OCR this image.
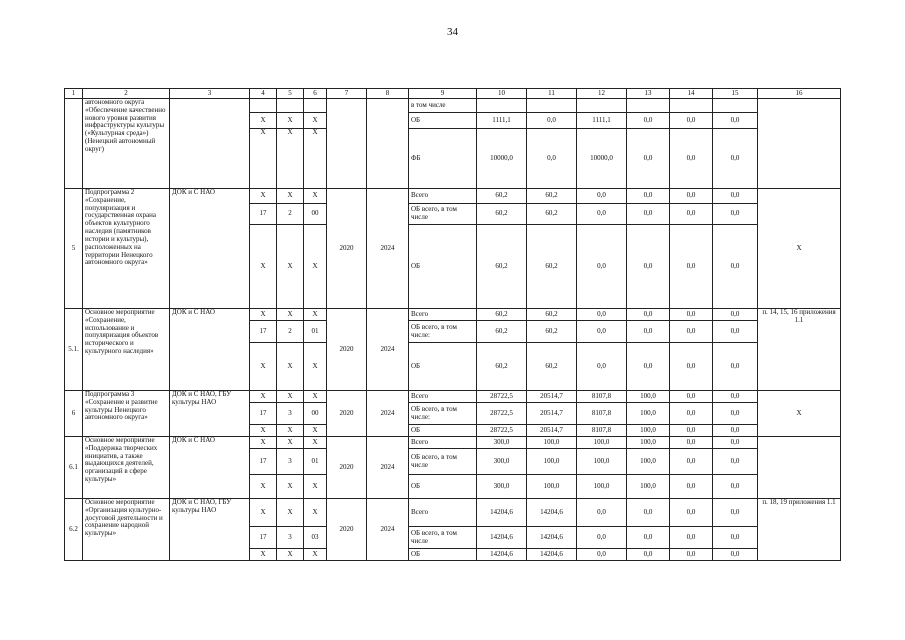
34
1	2	3	4	5	6	7	8	9	10	11	12	13	14	15	16
	автономного округа «Обеспечение качественно нового уровня развития инфраструктуры культуры («Культурная среда») (Ненецкий автономный округ)							в том числе							
			X	X	X			ОБ	1111,1	0,0	1111,1	0,0	0,0	0,0	
			X	X	X			ФБ	10000,0	0,0	10000,0	0,0	0,0	0,0	
5	Подпрограмма 2 «Сохранение, популяризация и государственная охрана объектов культурного наследия (памятников истории и культуры), расположенных на территории Ненецкого автономного округа»	ДОК и С НАО	X	X	X	2020	2024	Всего	60,2	60,2	0,0	0,0	0,0	0,0	X
			17	2	00			ОБ всего, в том числе	60,2	60,2	0,0	0,0	0,0	0,0	
			X	X	X			ОБ	60,2	60,2	0,0	0,0	0,0	0,0	
5.1.	Основное мероприятие «Сохранение, использование и популяризация объектов исторического и культурного наследия»	ДОК и С НАО	X	X	X	2020	2024	Всего	60,2	60,2	0,0	0,0	0,0	0,0	п. 14, 15, 16 приложения 1.1
			17	2	01			ОБ всего, в том числе:	60,2	60,2	0,0	0,0	0,0	0,0	
			X	X	X			ОБ	60,2	60,2	0,0	0,0	0,0	0,0	
6	Подпрограмма 3 «Сохранение и развитие культуры Ненецкого автономного округа»	ДОК и С НАО, ГБУ культуры НАО	X	X	X	2020	2024	Всего	28722,5	20514,7	8107,8	100,0	0,0	0,0	X
			17	3	00			ОБ всего, в том числе:	28722,5	20514,7	8107,8	100,0	0,0	0,0	
			X	X	X			ОБ	28722,5	20514,7	8107,8	100,0	0,0	0,0	
6.1	Основное мероприятие «Поддержка творческих инициатив, а также выдающихся деятелей, организаций в сфере культуры»	ДОК и С НАО	X	X	X	2020	2024	Всего	300,0	100,0	100,0	100,0	0,0	0,0	
			17	3	01			ОБ всего, в том числе	300,0	100,0	100,0	100,0	0,0	0,0	
			X	X	X			ОБ	300,0	100,0	100,0	100,0	0,0	0,0	
6.2	Основное мероприятие «Организация культурно-досуговой деятельности и сохранение народной культуры»	ДОК и С НАО, ГБУ культуры НАО	X	X	X	2020	2024	Всего	14204,6	14204,6	0,0	0,0	0,0	0,0	п. 18, 19 приложения 1.1
			17	3	03			ОБ всего, в том числе	14204,6	14204,6	0,0	0,0	0,0	0,0	
			X	X	X			ОБ	14204,6	14204,6	0,0	0,0	0,0	0,0	
